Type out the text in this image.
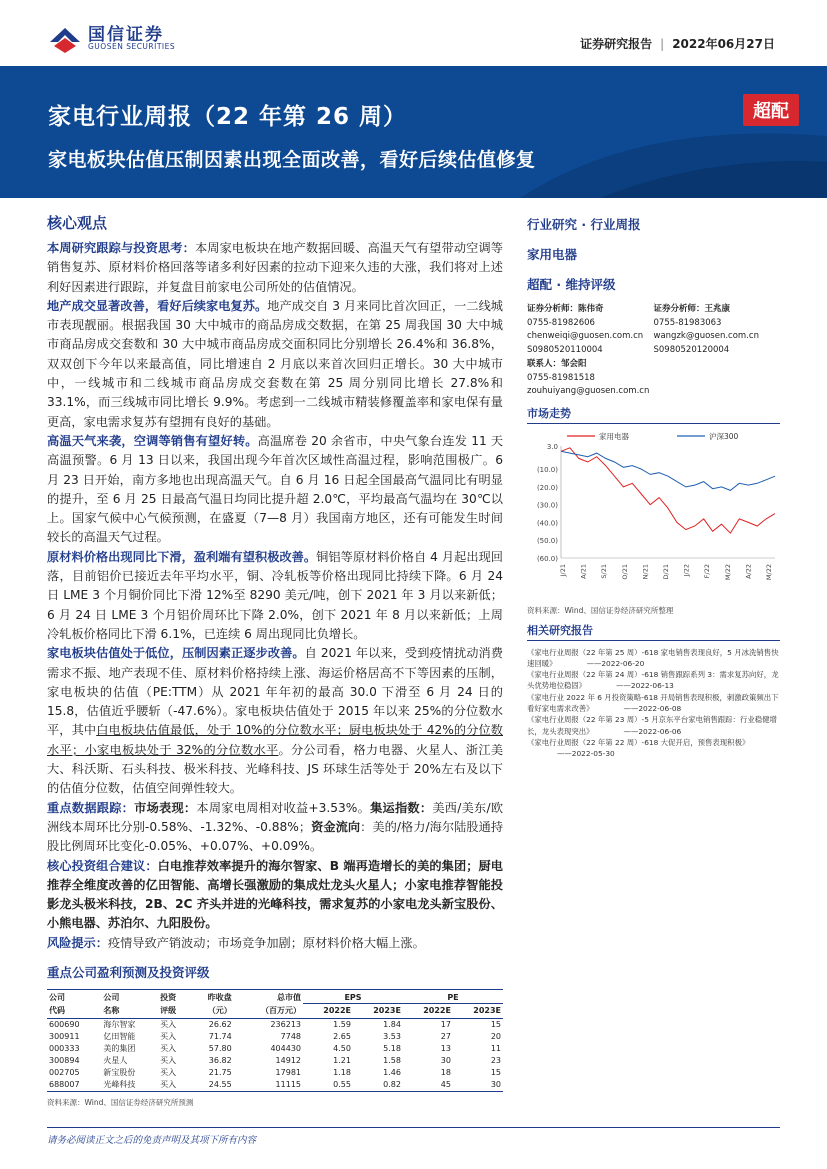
国信证券
GUOSEN SECURITIES	证券研究报告 | 2022年06月27日
家电行业周报（22 年第 26 周）
家电板块估值压制因素出现全面改善，看好后续估值修复
超配
核心观点

本周研究跟踪与投资思考：本周家电板块在地产数据回暖、高温天气有望带动空调等销售复苏、原材料价格回落等诸多利好因素的拉动下迎来久违的大涨，我们将对上述利好因素进行跟踪，并复盘目前家电公司所处的估值情况。

地产成交显著改善，看好后续家电复苏。地产成交自 3 月来同比首次回正，一二线城市表现靓丽。根据我国 30 大中城市的商品房成交数据，在第 25 周我国 30 大中城市商品房成交套数和 30 大中城市商品房成交面积同比分别增长 26.4%和 36.8%，双双创下今年以来最高值，同比增速自 2 月底以来首次回归正增长。30 大中城市中，一线城市和二线城市商品房成交套数在第 25 周分别同比增长 27.8%和 33.1%，而三线城市同比增长 9.9%。考虑到一二线城市精装修覆盖率和家电保有量更高，家电需求复苏有望拥有良好的基础。

高温天气来袭，空调等销售有望好转。高温席卷 20 余省市，中央气象台连发 11 天高温预警。6 月 13 日以来，我国出现今年首次区域性高温过程，影响范围极广。6 月 23 日开始，南方多地也出现高温天气。自 6 月 16 日起全国最高气温同比有明显的提升，至 6 月 25 日最高气温日均同比提升超 2.0℃，平均最高气温均在 30℃以上。国家气候中心气候预测，在盛夏（7—8 月）我国南方地区，还有可能发生时间较长的高温天气过程。

原材料价格出现同比下滑，盈利端有望积极改善。铜铝等原材料价格自 4 月起出现回落，目前铝价已接近去年平均水平，铜、冷轧板等价格出现同比持续下降。6 月 24 日 LME 3 个月铜价同比下滑 12%至 8290 美元/吨，创下 2021 年 3 月以来新低；6 月 24 日 LME 3 个月铝价周环比下降 2.0%，创下 2021 年 8 月以来新低；上周冷轧板价格同比下滑 6.1%，已连续 6 周出现同比负增长。

家电板块估值处于低位，压制因素正逐步改善。自 2021 年以来，受到疫情扰动消费需求不振、地产表现不佳、原材料价格持续上涨、海运价格居高不下等因素的压制，家电板块的估值（PE:TTM）从 2021 年年初的最高 30.0 下滑至 6 月 24 日的 15.8，估值近乎腰斩（-47.6%）。家电板块估值处于 2015 年以来 25%的分位数水平，其中白电板块估值最低，处于 10%的分位数水平；厨电板块处于 42%的分位数水平；小家电板块处于 32%的分位数水平。分公司看，格力电器、火星人、浙江美大、科沃斯、石头科技、极米科技、光峰科技、JS 环球生活等处于 20%左右及以下的估值分位数，估值空间弹性较大。

重点数据跟踪：市场表现：本周家电周相对收益+3.53%。集运指数：美西/美东/欧洲线本周环比分别-0.58%、-1.32%、-0.88%；资金流向：美的/格力/海尔陆股通持股比例周环比变化-0.05%、+0.07%、+0.09%。

核心投资组合建议：白电推荐效率提升的海尔智家、B 端再造增长的美的集团；厨电推荐全维度改善的亿田智能、高增长强激励的集成灶龙头火星人；小家电推荐智能投影龙头极米科技，2B、2C 齐头并进的光峰科技，需求复苏的小家电龙头新宝股份、小熊电器、苏泊尔、九阳股份。

风险提示：疫情导致产销波动；市场竞争加剧；原材料价格大幅上涨。

重点公司盈利预测及投资评级
公司	公司	投资	昨收盘	总市值	EPS		PE	
代码	名称	评级	（元）	（百万元）	2022E	2023E	2022E	2023E
600690	海尔智家	买入	26.62	236213	1.59	1.84	17	15
300911	亿田智能	买入	71.74	7748	2.65	3.53	27	20
000333	美的集团	买入	57.80	404430	4.50	5.18	13	11
300894	火星人	买入	36.82	14912	1.21	1.58	30	23
002705	新宝股份	买入	21.75	17981	1.18	1.46	18	15
688007	光峰科技	买入	24.55	11115	0.55	0.82	45	30
资料来源：Wind、国信证券经济研究所预测
行业研究 · 行业周报
家用电器
超配 · 维持评级
证券分析师：陈伟奇
0755-81982606
chenweiqi@guosen.com.cn
S0980520110004
证券分析师：王兆康
0755-81983063
wangzk@guosen.com.cn
S0980520120004
联系人：邹会阳
0755-81981518
zouhuiyang@guosen.com.cn
市场走势
3.0
(10.0)
(20.0)
(30.0)
(40.0)
(50.0)
(60.0)
J/21 A/21 S/21 O/21 N/21 D/21 J/22 F/22 M/22 A/22 M/22
家用电器	沪深300
资料来源：Wind、国信证券经济研究所整理
相关研究报告
《家电行业周报（22 年第 25 周）-618 家电销售表现良好，5 月冰洗销售快速回暖》	——2022-06-20
《家电行业周报（22 年第 24 周）-618 销售跟踪系列 3：需求复苏向好，龙头优势地位稳固》	——2022-06-13
《家电行业 2022 年 6 月投资策略-618 开局销售表现积极，刺激政策频出下看好家电需求改善》	——2022-06-08
《家电行业周报（22 年第 23 周）-5 月京东平台家电销售跟踪：行业稳健增长，龙头表现突出》	——2022-06-06
《家电行业周报（22 年第 22 周）-618 大促开启，预售表现积极》——2022-05-30
请务必阅读正文之后的免责声明及其项下所有内容
